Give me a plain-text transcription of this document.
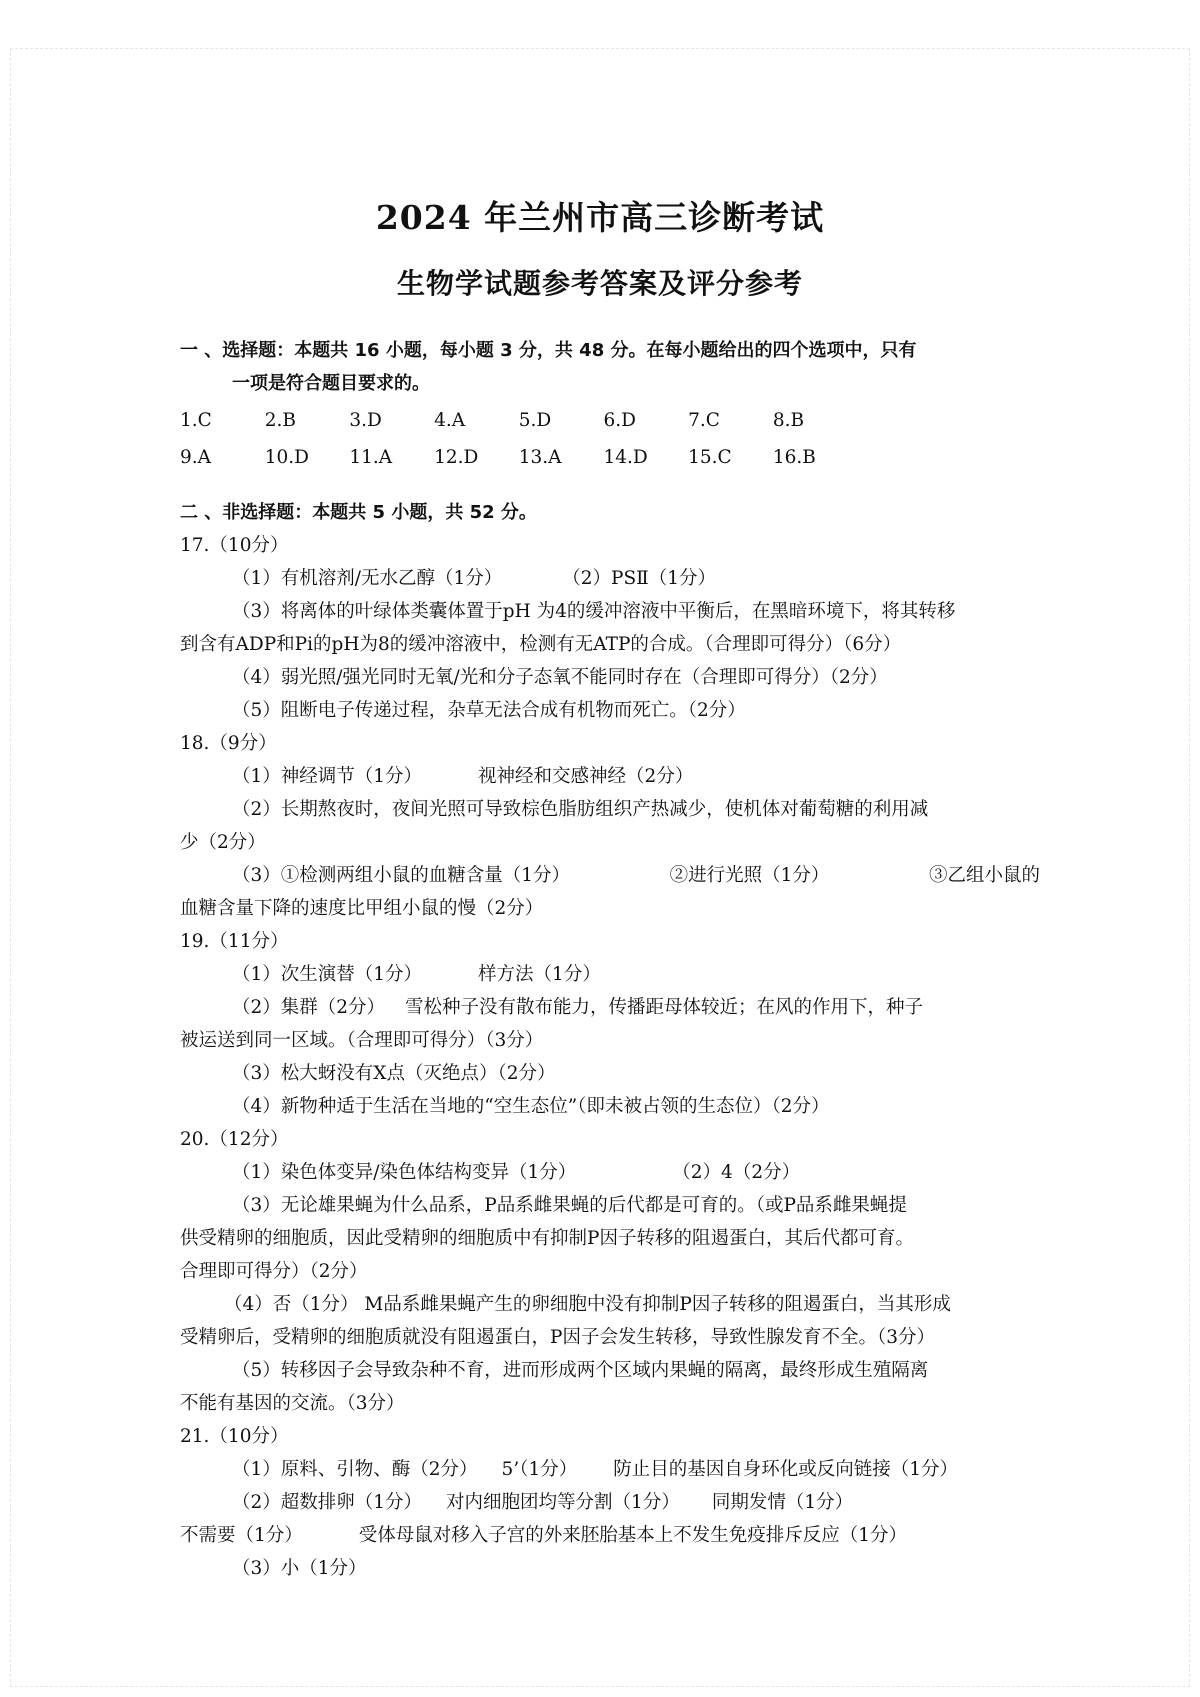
2024 年兰州市高三诊断考试
生物学试题参考答案及评分参考
一 、选择题：本题共 16 小题，每小题 3 分，共 48 分。在每小题给出的四个选项中，只有
一项是符合题目要求的。
1.C	2.B	3.D	4.A	5.D	6.D	7.C	8.B
9.A	10.D	11.A	12.D	13.A	14.D	15.C	16.B
二 、非选择题：本题共 5 小题，共 52 分。
17.（10分）
（1）有机溶剂/无水乙醇（1分）	（2）PSⅡ（1分）
（3）将离体的叶绿体类囊体置于pH 为4的缓冲溶液中平衡后，在黑暗环境下，将其转移
到含有ADP和Pi的pH为8的缓冲溶液中，检测有无ATP的合成。（合理即可得分）（6分）
（4）弱光照/强光同时无氧/光和分子态氧不能同时存在（合理即可得分）（2分）
（5）阻断电子传递过程，杂草无法合成有机物而死亡。（2分）
18.（9分）
（1）神经调节（1分）	视神经和交感神经（2分）
（2）长期熬夜时，夜间光照可导致棕色脂肪组织产热减少，使机体对葡萄糖的利用减
少（2分）
（3）①检测两组小鼠的血糖含量（1分）	②进行光照（1分）	③乙组小鼠的
血糖含量下降的速度比甲组小鼠的慢（2分）
19.（11分）
（1）次生演替（1分）	样方法（1分）
（2）集群（2分） 雪松种子没有散布能力，传播距母体较近；在风的作用下，种子
被运送到同一区域。（合理即可得分）（3分）
（3）松大蚜没有X点（灭绝点）（2分）
（4）新物种适于生活在当地的“空生态位”（即未被占领的生态位）（2分）
20.（12分）
（1）染色体变异/染色体结构变异（1分）	（2）4（2分）
（3）无论雄果蝇为什么品系，P品系雌果蝇的后代都是可育的。（或P品系雌果蝇提
供受精卵的细胞质，因此受精卵的细胞质中有抑制P因子转移的阻遏蛋白，其后代都可育。
合理即可得分）（2分）
（4）否（1分） M品系雌果蝇产生的卵细胞中没有抑制P因子转移的阻遏蛋白，当其形成
受精卵后，受精卵的细胞质就没有阻遏蛋白，P因子会发生转移，导致性腺发育不全。（3分）
（5）转移因子会导致杂种不育，进而形成两个区域内果蝇的隔离，最终形成生殖隔离
不能有基因的交流。（3分）
21.（10分）
（1）原料、引物、酶（2分） 5’（1分） 防止目的基因自身环化或反向链接（1分）
（2）超数排卵（1分） 对内细胞团均等分割（1分） 同期发情（1分）
不需要（1分）	受体母鼠对移入子宫的外来胚胎基本上不发生免疫排斥反应（1分）
（3）小（1分）
